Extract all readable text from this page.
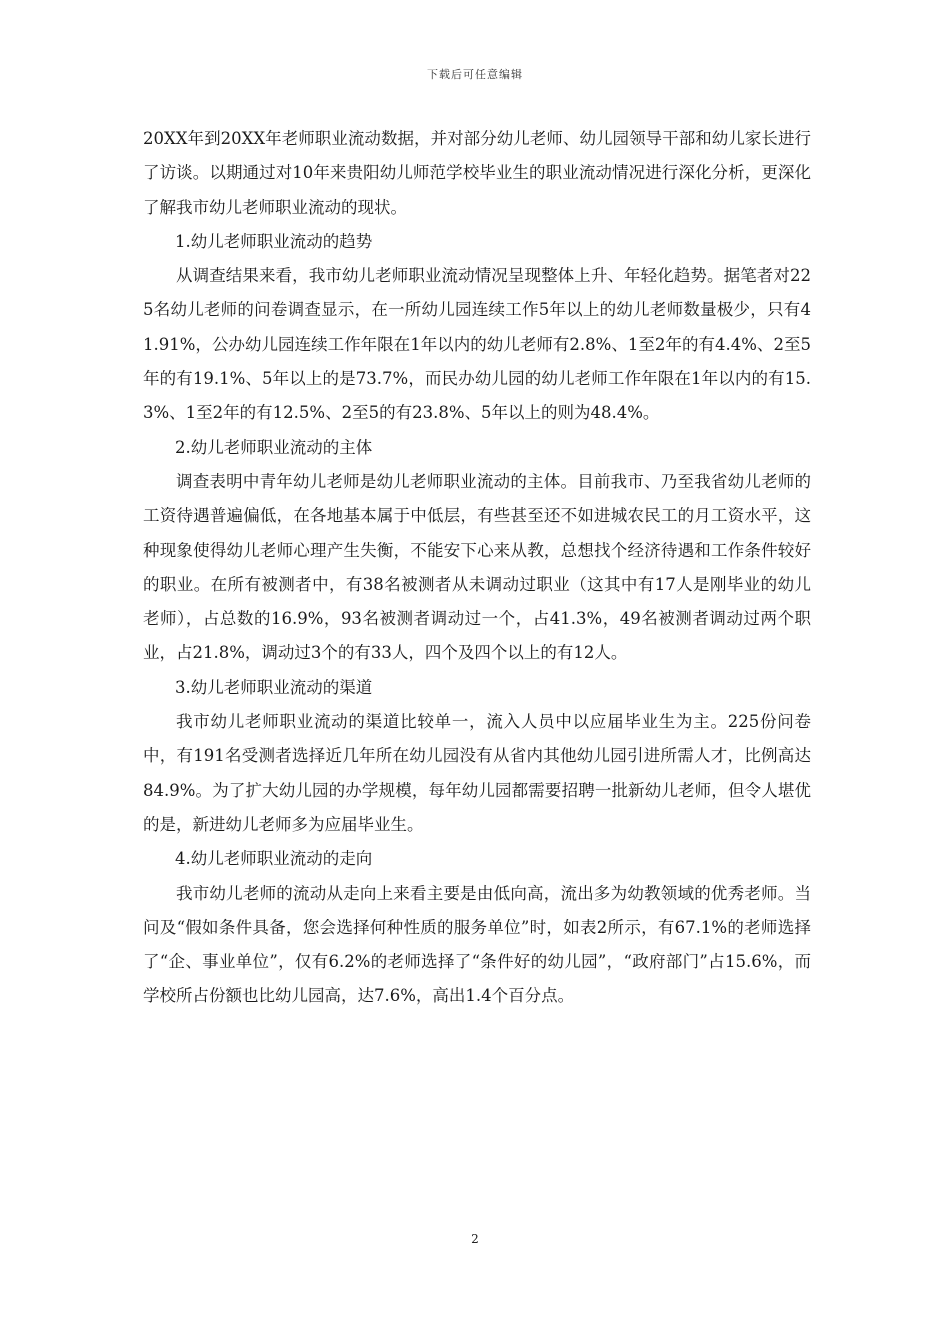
下载后可任意编辑

20XX年到20XX年老师职业流动数据，并对部分幼儿老师、幼儿园领导干部和幼儿家长进行了访谈。以期通过对10年来贵阳幼儿师范学校毕业生的职业流动情况进行深化分析，更深化了解我市幼儿老师职业流动的现状。

1.幼儿老师职业流动的趋势

从调查结果来看，我市幼儿老师职业流动情况呈现整体上升、年轻化趋势。据笔者对225名幼儿老师的问卷调查显示，在一所幼儿园连续工作5年以上的幼儿老师数量极少，只有41.91%，公办幼儿园连续工作年限在1年以内的幼儿老师有2.8%、1至2年的有4.4%、2至5年的有19.1%、5年以上的是73.7%，而民办幼儿园的幼儿老师工作年限在1年以内的有15.3%、1至2年的有12.5%、2至5的有23.8%、5年以上的则为48.4%。

2.幼儿老师职业流动的主体

调查表明中青年幼儿老师是幼儿老师职业流动的主体。目前我市、乃至我省幼儿老师的工资待遇普遍偏低，在各地基本属于中低层，有些甚至还不如进城农民工的月工资水平，这种现象使得幼儿老师心理产生失衡，不能安下心来从教，总想找个经济待遇和工作条件较好的职业。在所有被测者中，有38名被测者从未调动过职业（这其中有17人是刚毕业的幼儿老师），占总数的16.9%，93名被测者调动过一个，占41.3%，49名被测者调动过两个职业，占21.8%，调动过3个的有33人，四个及四个以上的有12人。

3.幼儿老师职业流动的渠道

我市幼儿老师职业流动的渠道比较单一，流入人员中以应届毕业生为主。225份问卷中，有191名受测者选择近几年所在幼儿园没有从省内其他幼儿园引进所需人才，比例高达84.9%。为了扩大幼儿园的办学规模，每年幼儿园都需要招聘一批新幼儿老师，但令人堪优的是，新进幼儿老师多为应届毕业生。

4.幼儿老师职业流动的走向

我市幼儿老师的流动从走向上来看主要是由低向高，流出多为幼教领域的优秀老师。当问及“假如条件具备，您会选择何种性质的服务单位”时，如表2所示，有67.1%的老师选择了“企、事业单位”，仅有6.2%的老师选择了“条件好的幼儿园”，“政府部门”占15.6%，而学校所占份额也比幼儿园高，达7.6%，高出1.4个百分点。

2
